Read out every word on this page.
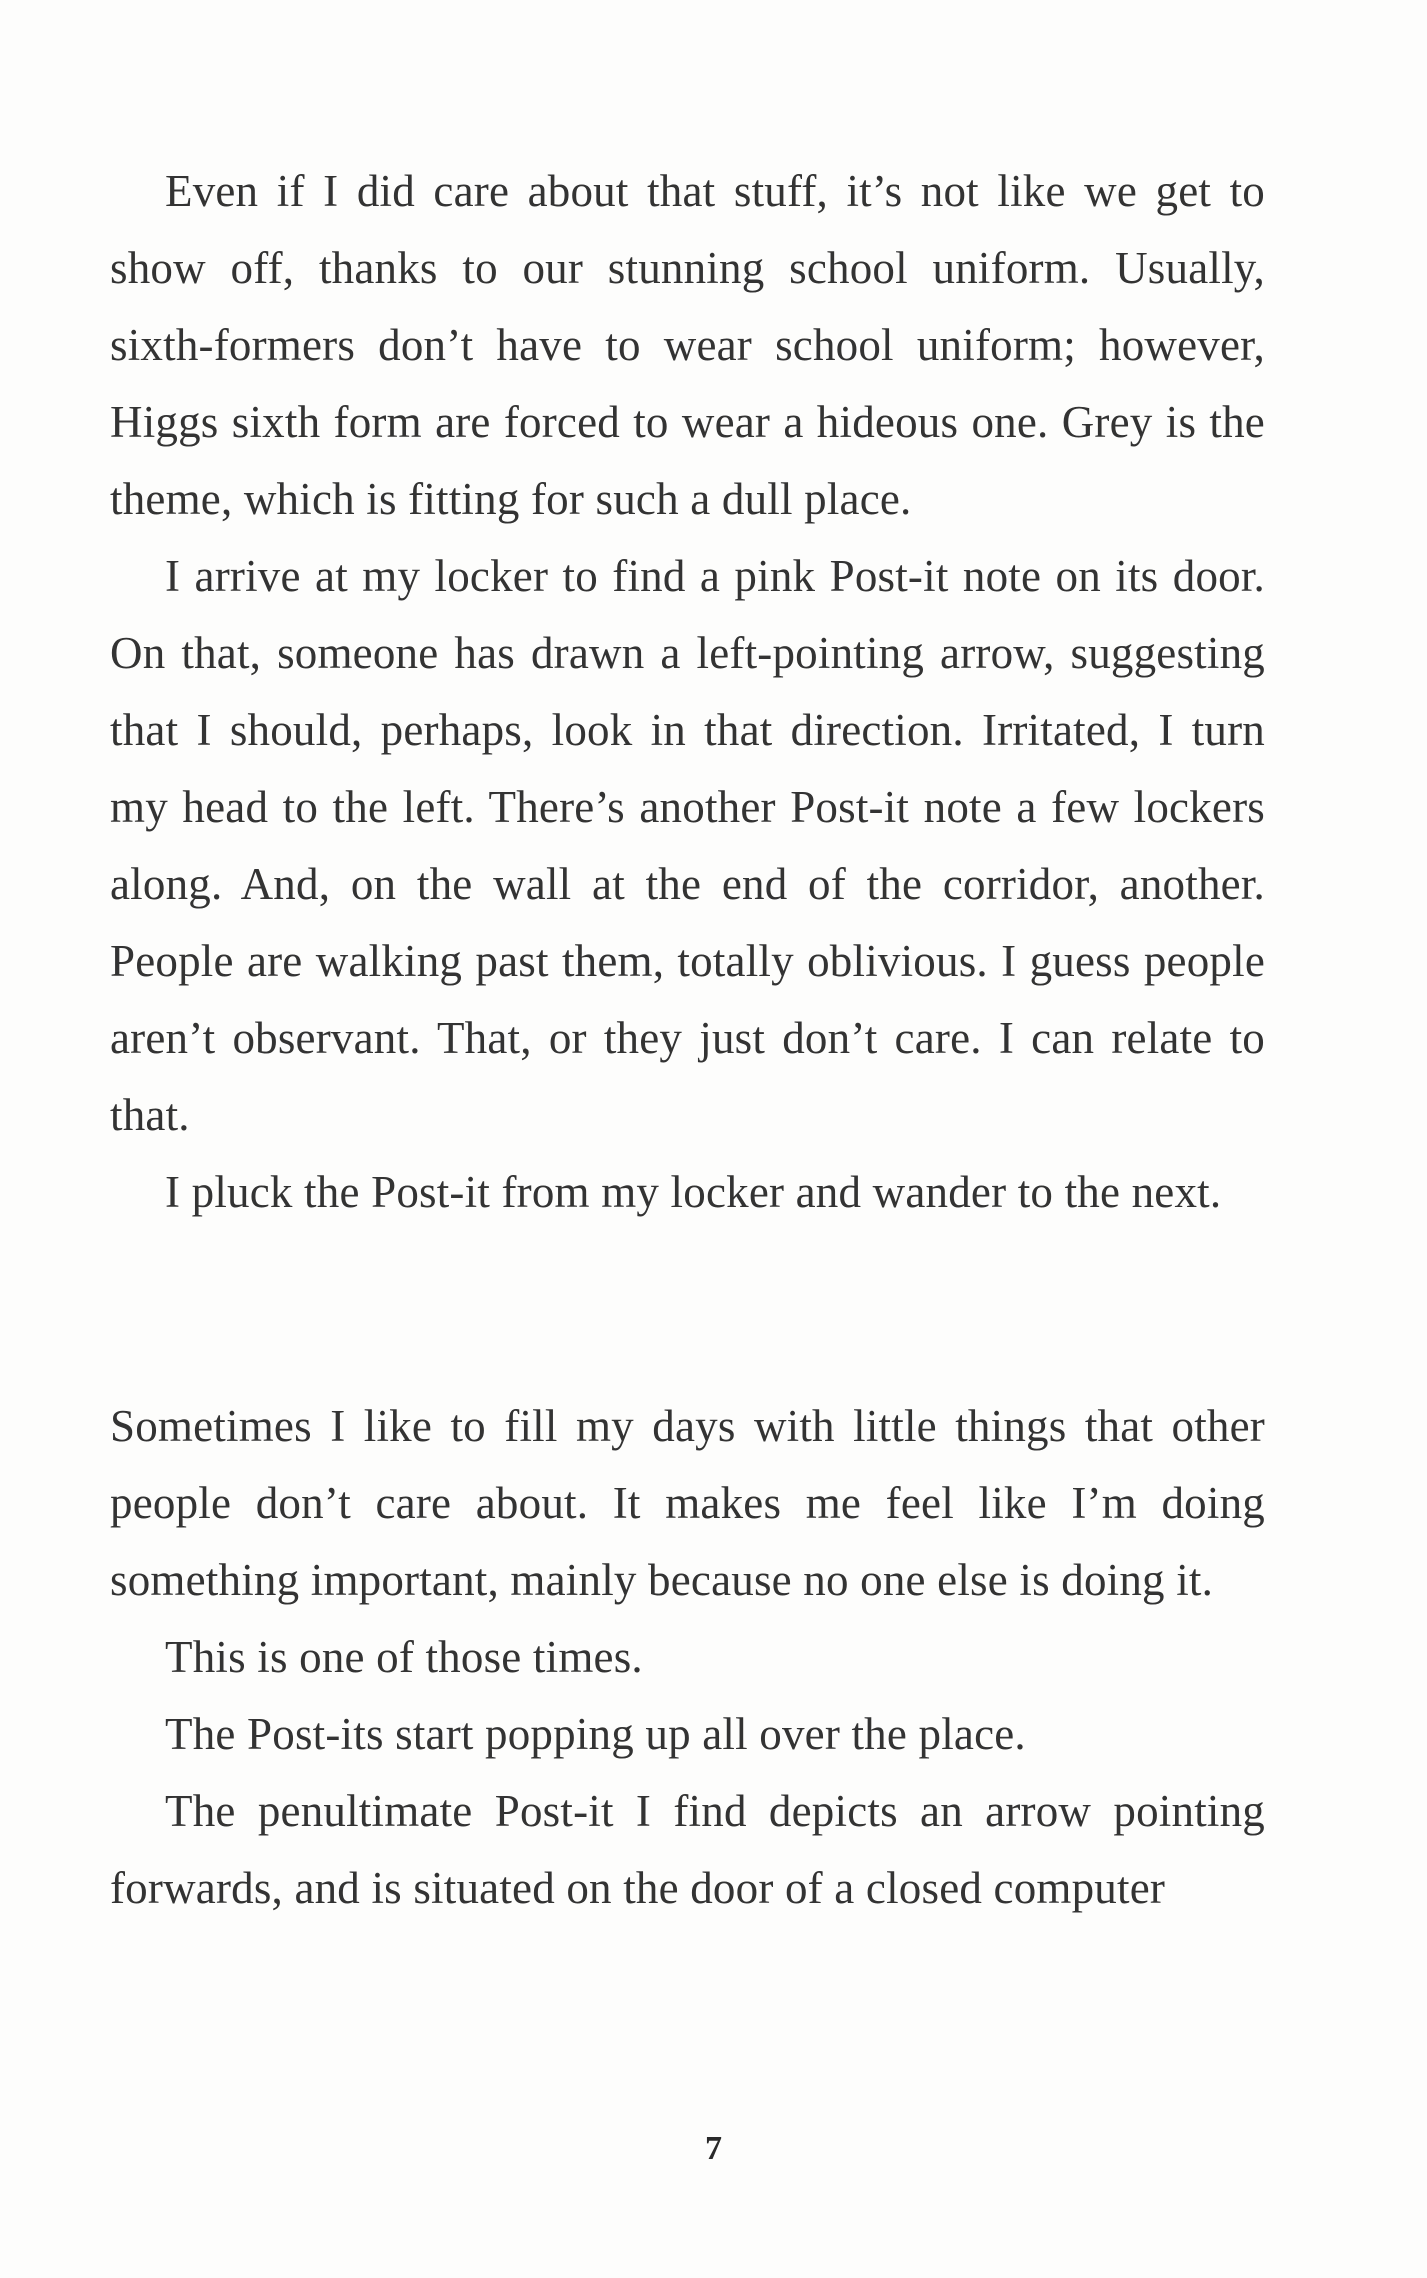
Even if I did care about that stuff, it’s not like we get to show off, thanks to our stunning school uniform. Usually, sixth-formers don’t have to wear school uniform; however, Higgs sixth form are forced to wear a hideous one. Grey is the theme, which is fitting for such a dull place.

I arrive at my locker to find a pink Post-it note on its door. On that, someone has drawn a left-pointing arrow, suggesting that I should, perhaps, look in that direction. Irritated, I turn my head to the left. There’s another Post-it note a few lockers along. And, on the wall at the end of the corridor, another. People are walking past them, totally oblivious. I guess people aren’t observant. That, or they just don’t care. I can relate to that.

I pluck the Post-it from my locker and wander to the next.

Sometimes I like to fill my days with little things that other people don’t care about. It makes me feel like I’m doing something important, mainly because no one else is doing it.

This is one of those times.

The Post-its start popping up all over the place.

The penultimate Post-it I find depicts an arrow pointing forwards, and is situated on the door of a closed computer

7
